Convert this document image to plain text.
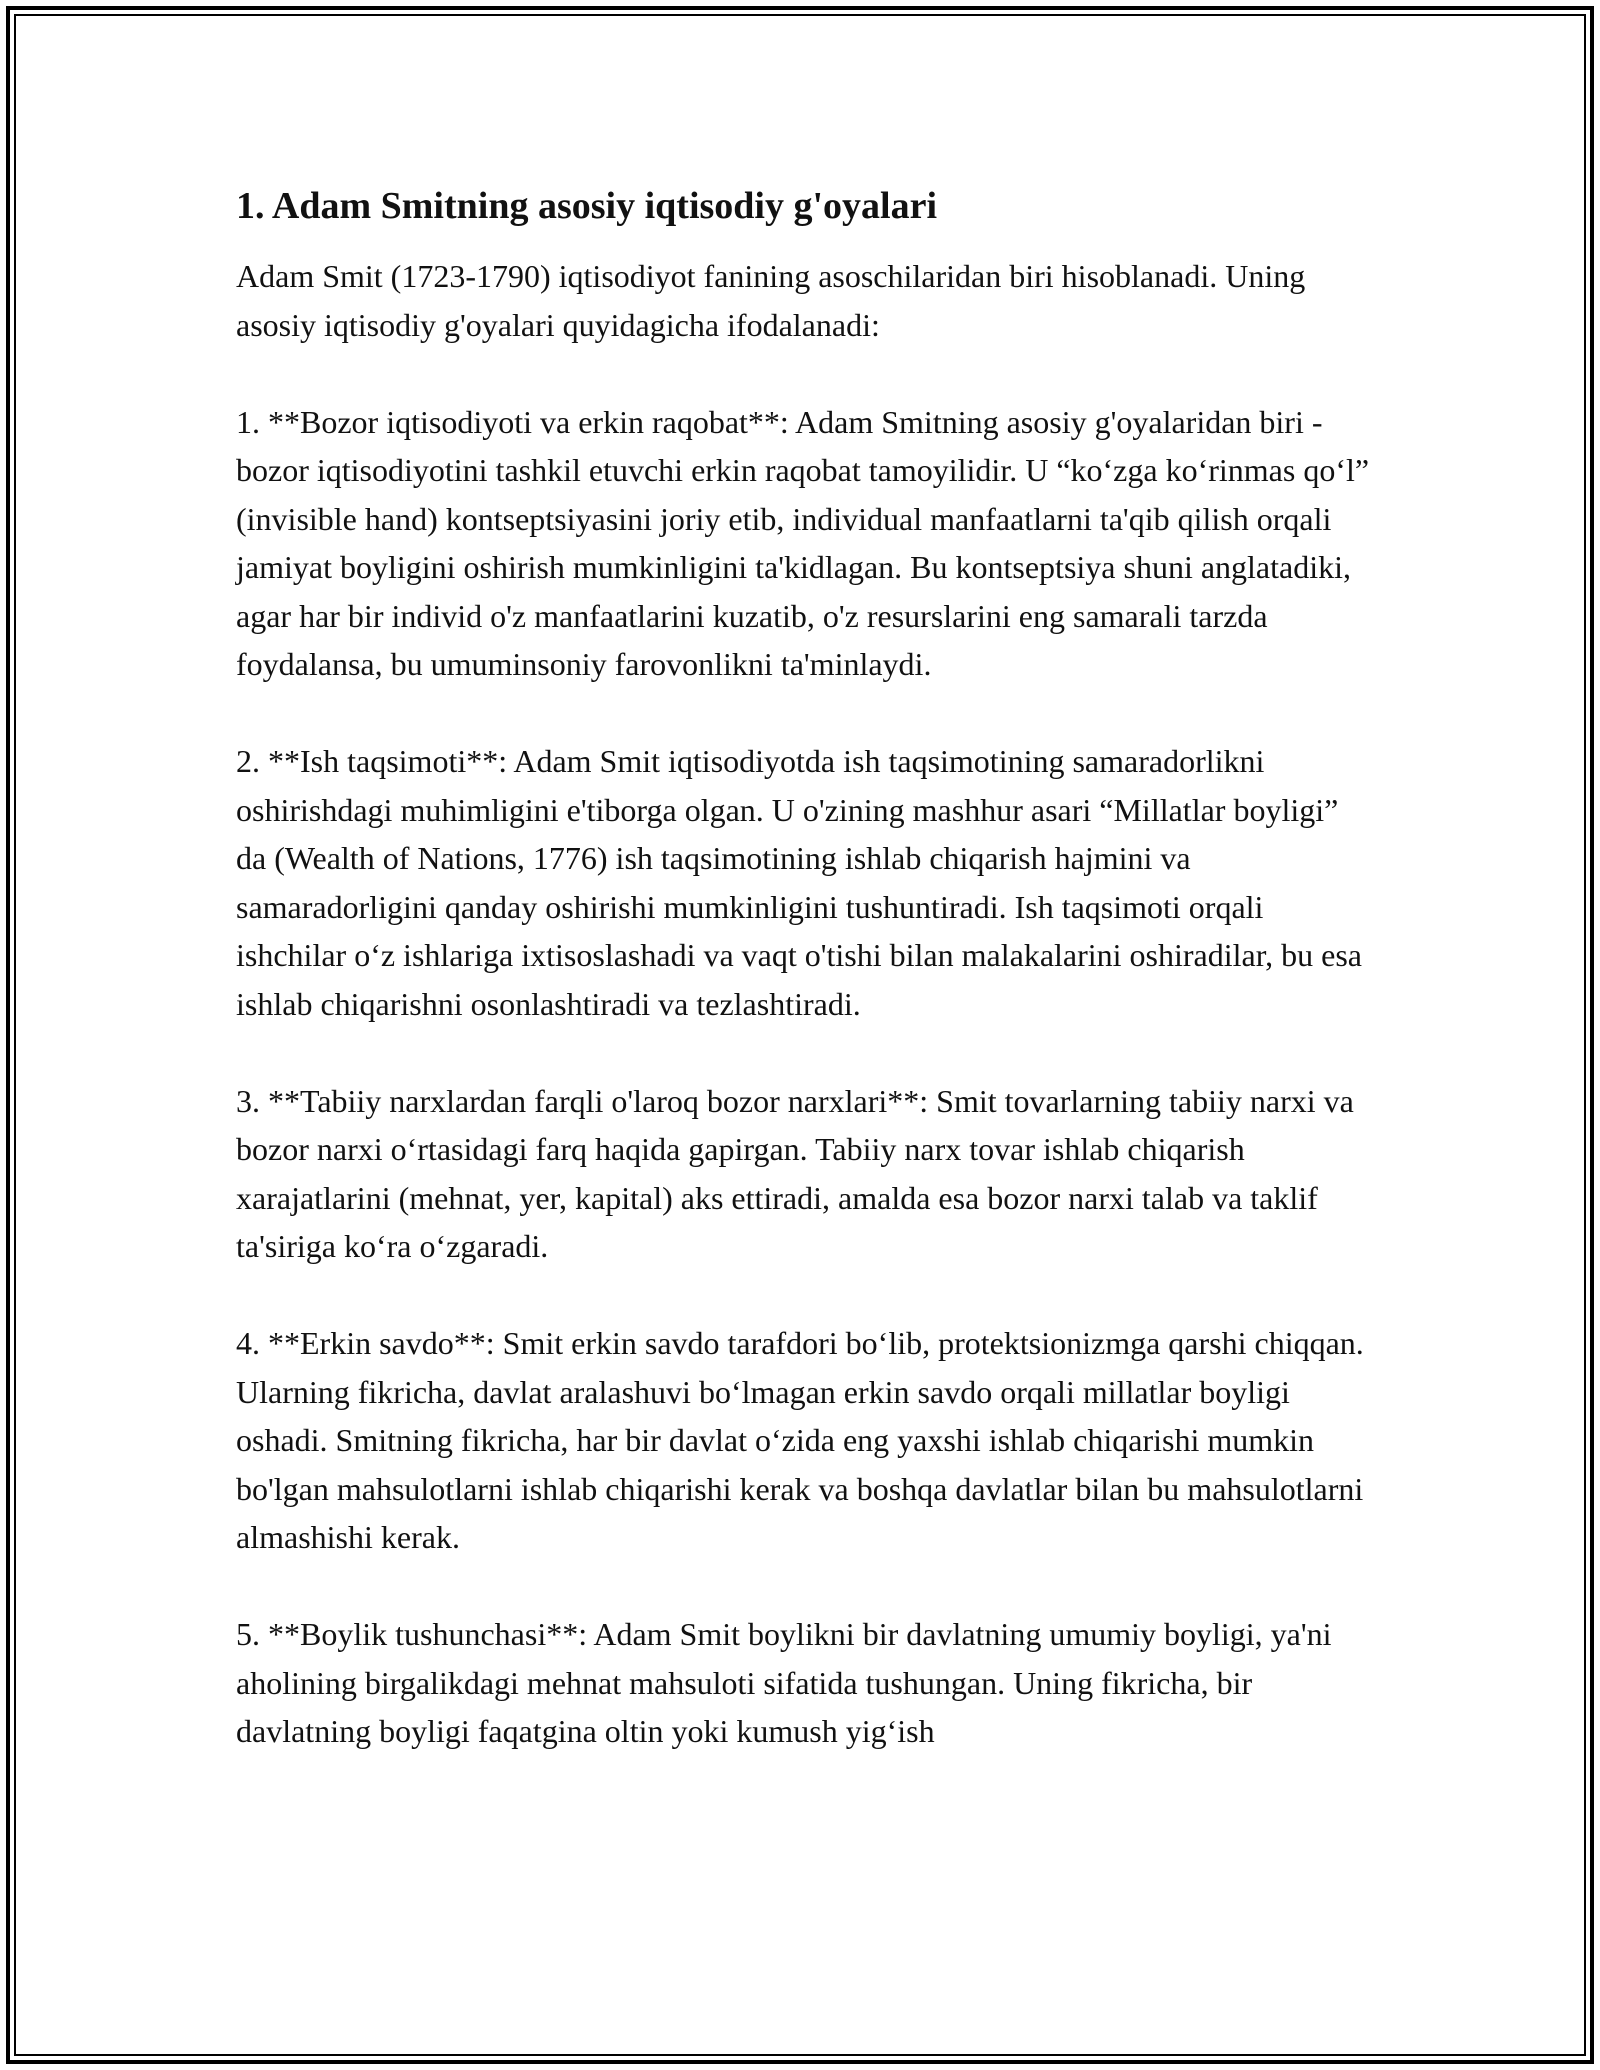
1. Adam Smitning asosiy iqtisodiy g'oyalari

Adam Smit (1723-1790) iqtisodiyot fanining asoschilaridan biri hisoblanadi. Uning asosiy iqtisodiy g'oyalari quyidagicha ifodalanadi:

1. **Bozor iqtisodiyoti va erkin raqobat**: Adam Smitning asosiy g'oyalaridan biri - bozor iqtisodiyotini tashkil etuvchi erkin raqobat tamoyilidir. U “ko‘zga ko‘rinmas qo‘l” (invisible hand) kontseptsiyasini joriy etib, individual manfaatlarni ta'qib qilish orqali jamiyat boyligini oshirish mumkinligini ta'kidlagan. Bu kontseptsiya shuni anglatadiki, agar har bir individ o'z manfaatlarini kuzatib, o'z resurslarini eng samarali tarzda foydalansa, bu umuminsoniy farovonlikni ta'minlaydi.

2. **Ish taqsimoti**: Adam Smit iqtisodiyotda ish taqsimotining samaradorlikni oshirishdagi muhimligini e'tiborga olgan. U o'zining mashhur asari “Millatlar boyligi” da (Wealth of Nations, 1776) ish taqsimotining ishlab chiqarish hajmini va samaradorligini qanday oshirishi mumkinligini tushuntiradi. Ish taqsimoti orqali ishchilar o‘z ishlariga ixtisoslashadi va vaqt o'tishi bilan malakalarini oshiradilar, bu esa ishlab chiqarishni osonlashtiradi va tezlashtiradi.

3. **Tabiiy narxlardan farqli o'laroq bozor narxlari**: Smit tovarlarning tabiiy narxi va bozor narxi o‘rtasidagi farq haqida gapirgan. Tabiiy narx tovar ishlab chiqarish xarajatlarini (mehnat, yer, kapital) aks ettiradi, amalda esa bozor narxi talab va taklif ta'siriga ko‘ra o‘zgaradi.

4. **Erkin savdo**: Smit erkin savdo tarafdori bo‘lib, protektsionizmga qarshi chiqqan. Ularning fikricha, davlat aralashuvi bo‘lmagan erkin savdo orqali millatlar boyligi oshadi. Smitning fikricha, har bir davlat o‘zida eng yaxshi ishlab chiqarishi mumkin bo'lgan mahsulotlarni ishlab chiqarishi kerak va boshqa davlatlar bilan bu mahsulotlarni almashishi kerak.

5. **Boylik tushunchasi**: Adam Smit boylikni bir davlatning umumiy boyligi, ya'ni aholining birgalikdagi mehnat mahsuloti sifatida tushungan. Uning fikricha, bir davlatning boyligi faqatgina oltin yoki kumush yig‘ish
